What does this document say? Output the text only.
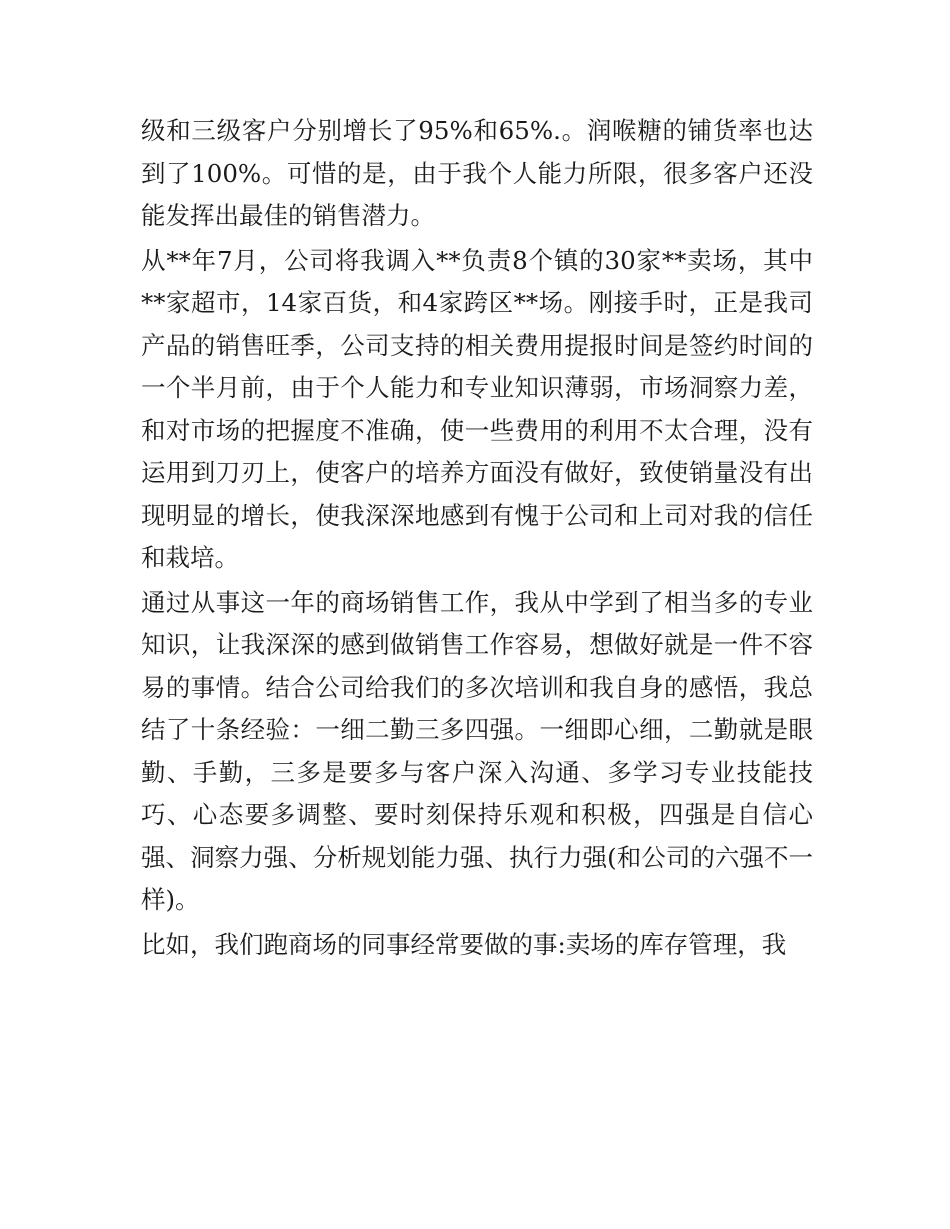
级和三级客户分别增长了95%和65%.。润喉糖的铺货率也达到了100%。可惜的是，由于我个人能力所限，很多客户还没能发挥出最佳的销售潜力。

从**年7月，公司将我调入**负责8个镇的30家**卖场，其中**家超市，14家百货，和4家跨区**场。刚接手时，正是我司产品的销售旺季，公司支持的相关费用提报时间是签约时间的一个半月前，由于个人能力和专业知识薄弱，市场洞察力差，和对市场的把握度不准确，使一些费用的利用不太合理，没有运用到刀刃上，使客户的培养方面没有做好，致使销量没有出现明显的增长，使我深深地感到有愧于公司和上司对我的信任和栽培。

通过从事这一年的商场销售工作，我从中学到了相当多的专业知识，让我深深的感到做销售工作容易，想做好就是一件不容易的事情。结合公司给我们的多次培训和我自身的感悟，我总结了十条经验：一细二勤三多四强。一细即心细，二勤就是眼勤、手勤，三多是要多与客户深入沟通、多学习专业技能技巧、心态要多调整、要时刻保持乐观和积极，四强是自信心强、洞察力强、分析规划能力强、执行力强(和公司的六强不一样)。

比如，我们跑商场的同事经常要做的事:卖场的库存管理，我
